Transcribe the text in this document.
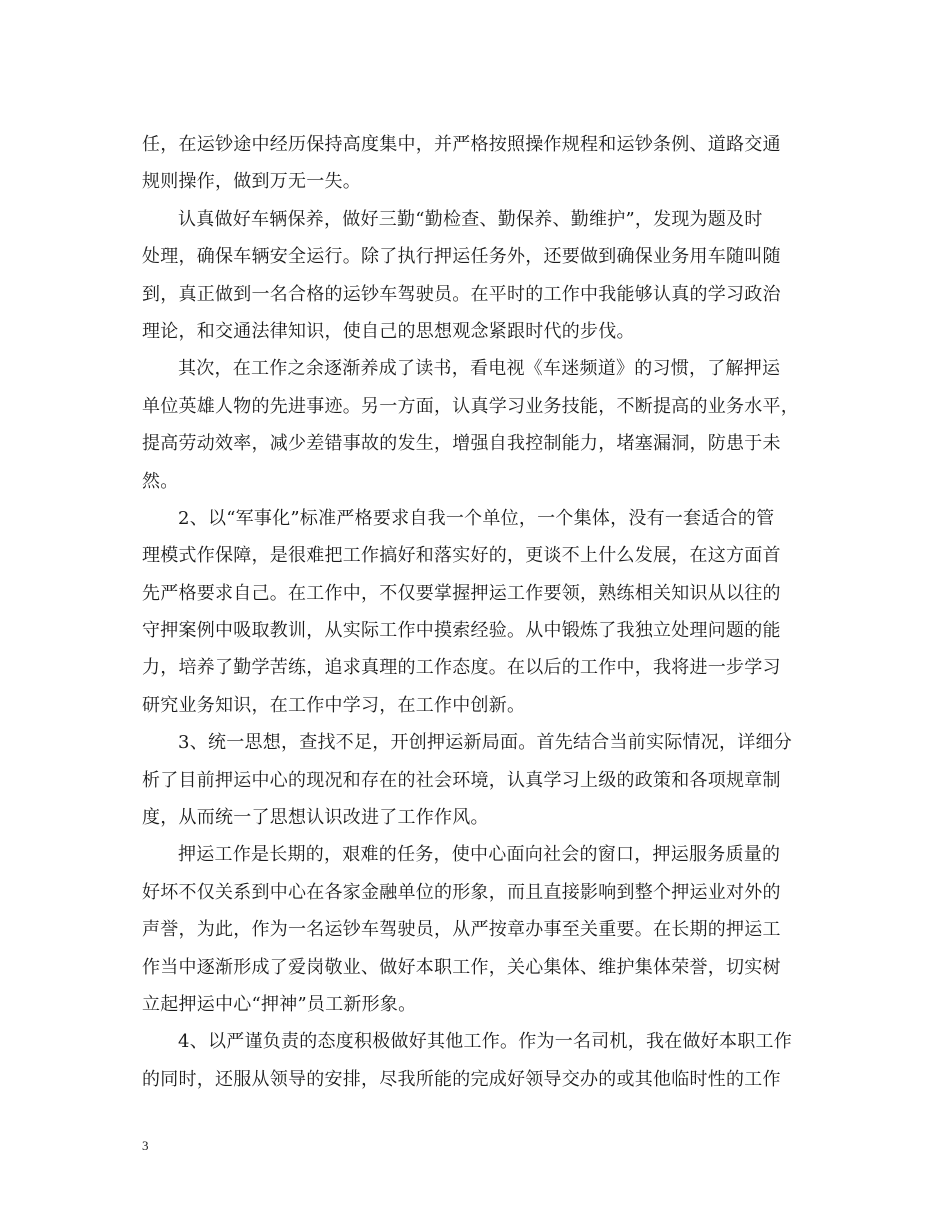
任，在运钞途中经历保持高度集中，并严格按照操作规程和运钞条例、道路交通
规则操作，做到万无一失。
认真做好车辆保养，做好三勤“勤检查、勤保养、勤维护”，发现为题及时
处理，确保车辆安全运行。除了执行押运任务外，还要做到确保业务用车随叫随
到，真正做到一名合格的运钞车驾驶员。在平时的工作中我能够认真的学习政治
理论，和交通法律知识，使自己的思想观念紧跟时代的步伐。
其次，在工作之余逐渐养成了读书，看电视《车迷频道》的习惯，了解押运
单位英雄人物的先进事迹。另一方面，认真学习业务技能，不断提高的业务水平，
提高劳动效率，减少差错事故的发生，增强自我控制能力，堵塞漏洞，防患于未
然。
2、以“军事化”标准严格要求自我一个单位，一个集体，没有一套适合的管
理模式作保障，是很难把工作搞好和落实好的，更谈不上什么发展，在这方面首
先严格要求自己。在工作中，不仅要掌握押运工作要领，熟练相关知识从以往的
守押案例中吸取教训，从实际工作中摸索经验。从中锻炼了我独立处理问题的能
力，培养了勤学苦练，追求真理的工作态度。在以后的工作中，我将进一步学习
研究业务知识，在工作中学习，在工作中创新。
3、统一思想，查找不足，开创押运新局面。首先结合当前实际情况，详细分
析了目前押运中心的现况和存在的社会环境，认真学习上级的政策和各项规章制
度，从而统一了思想认识改进了工作作风。
押运工作是长期的，艰难的任务，使中心面向社会的窗口，押运服务质量的
好坏不仅关系到中心在各家金融单位的形象，而且直接影响到整个押运业对外的
声誉，为此，作为一名运钞车驾驶员，从严按章办事至关重要。在长期的押运工
作当中逐渐形成了爱岗敬业、做好本职工作，关心集体、维护集体荣誉，切实树
立起押运中心“押神”员工新形象。
4、以严谨负责的态度积极做好其他工作。作为一名司机，我在做好本职工作
的同时，还服从领导的安排，尽我所能的完成好领导交办的或其他临时性的工作
3
